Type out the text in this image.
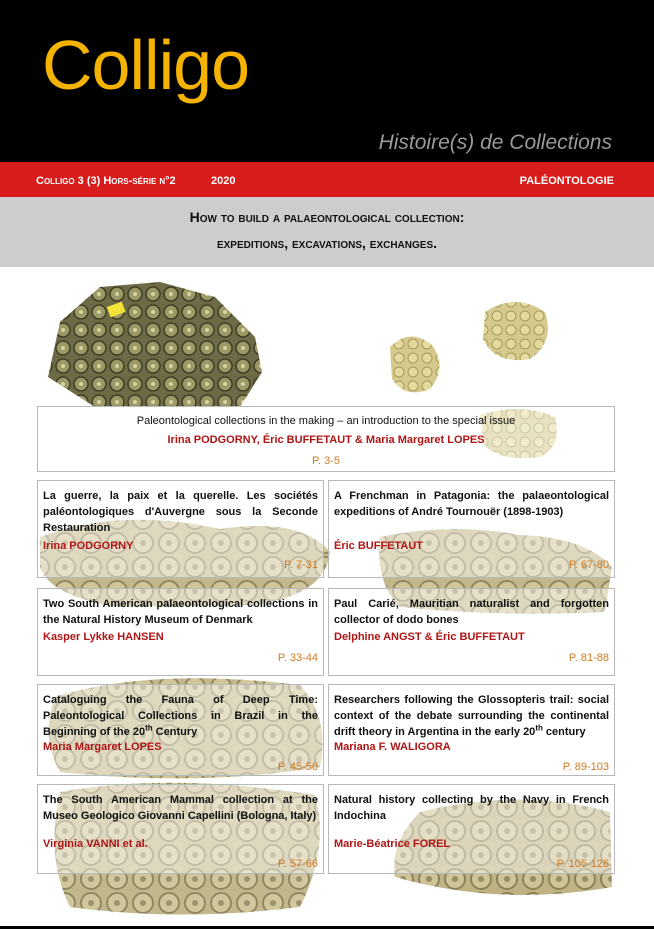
Colligo
Histoire(s) de Collections
Colligo 3 (3) Hors-série n°2	2020	PALÉONTOLOGIE
How to build a palaeontological collection:
expeditions, excavations, exchanges.
Paleontological collections in the making – an introduction to the special issue
Irina PODGORNY, Éric BUFFETAUT & Maria Margaret LOPES
P. 3-5
La guerre, la paix et la querelle. Les sociétés paléontologiques d'Auvergne sous la Seconde Restauration
Irina PODGORNY
P. 7-31
A Frenchman in Patagonia: the palaeontological expeditions of André Tournouër (1898-1903)
Éric BUFFETAUT
P. 67-80
Two South American palaeontological collections in the Natural History Museum of Denmark
Kasper Lykke HANSEN
P. 33-44
Paul Carié, Mauritian naturalist and forgotten collector of dodo bones
Delphine ANGST & Éric BUFFETAUT
P. 81-88
Cataloguing the Fauna of Deep Time: Paleontological Collections in Brazil in the Beginning of the 20th Century
Maria Margaret LOPES
P. 45-56
Researchers following the Glossopteris trail: social context of the debate surrounding the continental drift theory in Argentina in the early 20th century
Mariana F. WALIGORA
P. 89-103
The South American Mammal collection at the Museo Geologico Giovanni Capellini (Bologna, Italy)
Virginia VANNI et al.
P. 57-66
Natural history collecting by the Navy in French Indochina
Marie-Béatrice FOREL
P. 105-126
